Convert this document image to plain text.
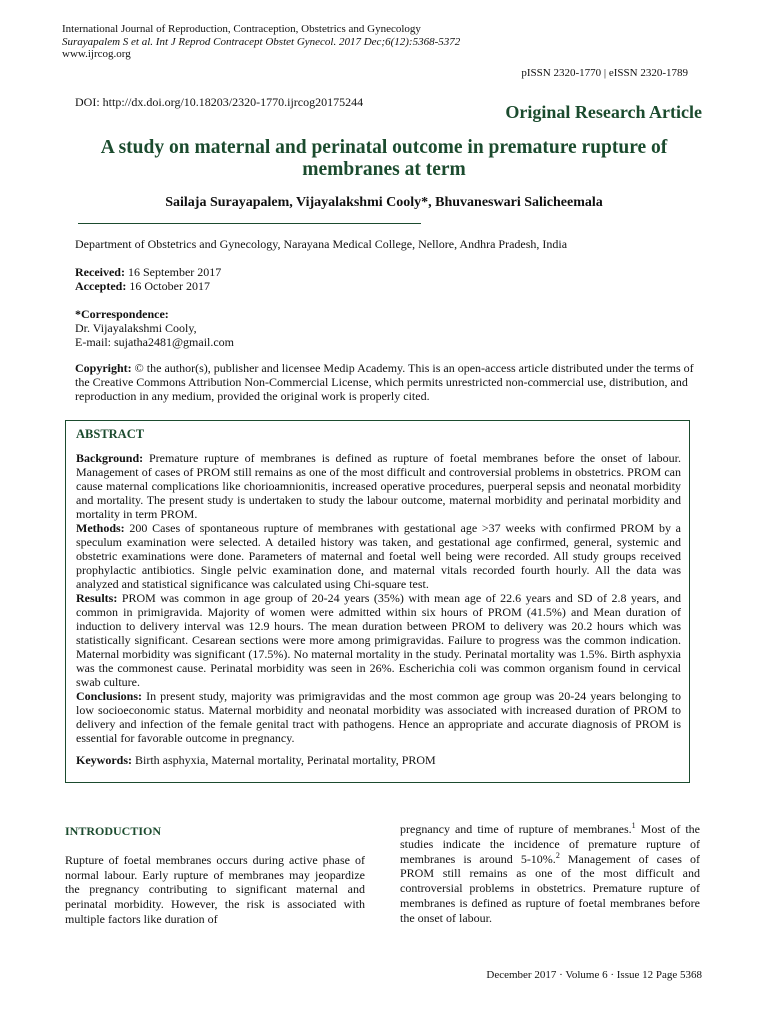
International Journal of Reproduction, Contraception, Obstetrics and Gynecology
Surayapalem S et al. Int J Reprod Contracept Obstet Gynecol. 2017 Dec;6(12):5368-5372
www.ijrcog.org
pISSN 2320-1770 | eISSN 2320-1789
DOI: http://dx.doi.org/10.18203/2320-1770.ijrcog20175244	Original Research Article
A study on maternal and perinatal outcome in premature rupture of membranes at term
Sailaja Surayapalem, Vijayalakshmi Cooly*, Bhuvaneswari Salicheemala
Department of Obstetrics and Gynecology, Narayana Medical College, Nellore, Andhra Pradesh, India
Received: 16 September 2017
Accepted: 16 October 2017
*Correspondence:
Dr. Vijayalakshmi Cooly,
E-mail: sujatha2481@gmail.com
Copyright: © the author(s), publisher and licensee Medip Academy. This is an open-access article distributed under the terms of the Creative Commons Attribution Non-Commercial License, which permits unrestricted non-commercial use, distribution, and reproduction in any medium, provided the original work is properly cited.
ABSTRACT

Background: Premature rupture of membranes is defined as rupture of foetal membranes before the onset of labour. Management of cases of PROM still remains as one of the most difficult and controversial problems in obstetrics. PROM can cause maternal complications like chorioamnionitis, increased operative procedures, puerperal sepsis and neonatal morbidity and mortality. The present study is undertaken to study the labour outcome, maternal morbidity and perinatal morbidity and mortality in term PROM.

Methods: 200 Cases of spontaneous rupture of membranes with gestational age >37 weeks with confirmed PROM by a speculum examination were selected. A detailed history was taken, and gestational age confirmed, general, systemic and obstetric examinations were done. Parameters of maternal and foetal well being were recorded. All study groups received prophylactic antibiotics. Single pelvic examination done, and maternal vitals recorded fourth hourly. All the data was analyzed and statistical significance was calculated using Chi-square test.

Results: PROM was common in age group of 20-24 years (35%) with mean age of 22.6 years and SD of 2.8 years, and common in primigravida. Majority of women were admitted within six hours of PROM (41.5%) and Mean duration of induction to delivery interval was 12.9 hours. The mean duration between PROM to delivery was 20.2 hours which was statistically significant. Cesarean sections were more among primigravidas. Failure to progress was the common indication. Maternal morbidity was significant (17.5%). No maternal mortality in the study. Perinatal mortality was 1.5%. Birth asphyxia was the commonest cause. Perinatal morbidity was seen in 26%. Escherichia coli was common organism found in cervical swab culture.

Conclusions: In present study, majority was primigravidas and the most common age group was 20-24 years belonging to low socioeconomic status. Maternal morbidity and neonatal morbidity was associated with increased duration of PROM to delivery and infection of the female genital tract with pathogens. Hence an appropriate and accurate diagnosis of PROM is essential for favorable outcome in pregnancy.

Keywords: Birth asphyxia, Maternal mortality, Perinatal mortality, PROM

INTRODUCTION

Rupture of foetal membranes occurs during active phase of normal labour. Early rupture of membranes may jeopardize the pregnancy contributing to significant maternal and perinatal morbidity. However, the risk is associated with multiple factors like duration of

pregnancy and time of rupture of membranes.$^1$ Most of the studies indicate the incidence of premature rupture of membranes is around 5-10%.$^2$ Management of cases of PROM still remains as one of the most difficult and controversial problems in obstetrics. Premature rupture of membranes is defined as rupture of foetal membranes before the onset of labour.

December 2017 · Volume 6 · Issue 12 Page 5368
